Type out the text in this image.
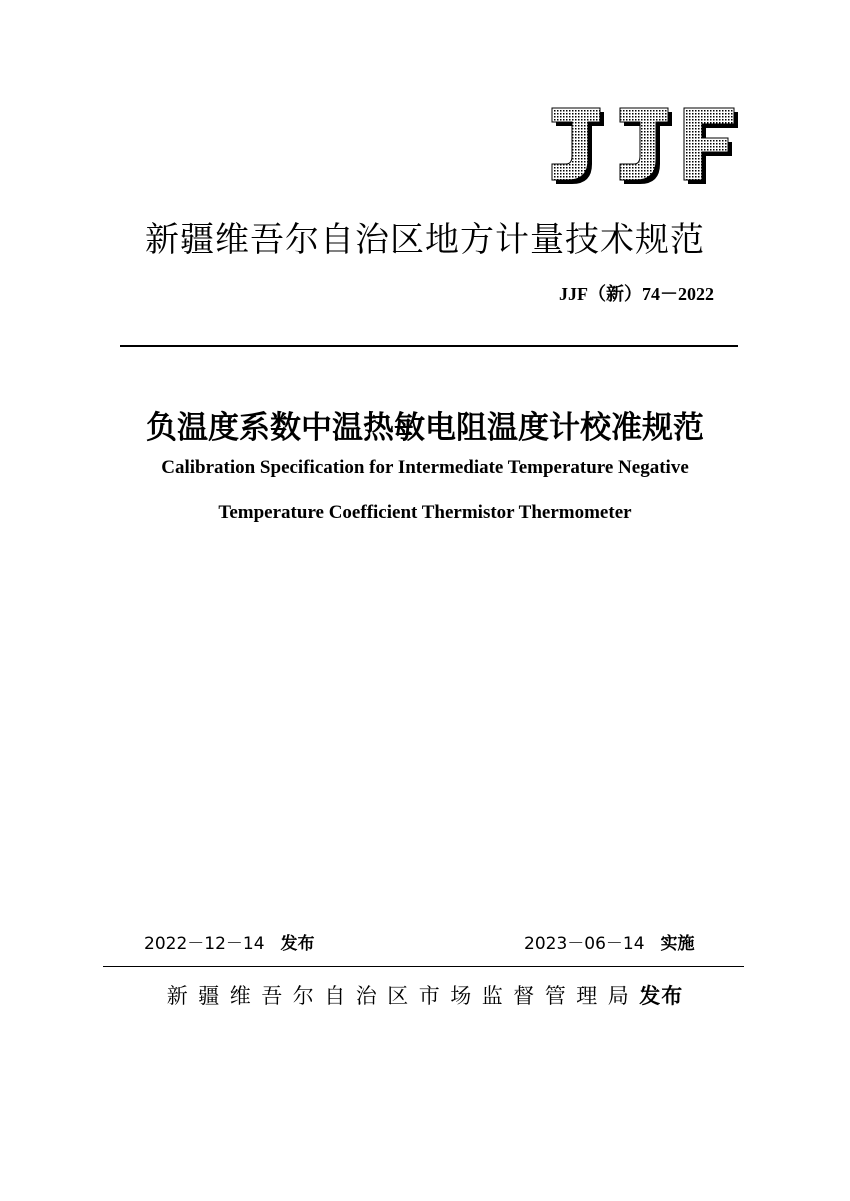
新疆维吾尔自治区地方计量技术规范
JJF（新）74－2022
负温度系数中温热敏电阻温度计校准规范
Calibration Specification for Intermediate Temperature Negative
Temperature Coefficient Thermistor Thermometer
2022－12－14 发布	2023－06－14 实施
新疆维吾尔自治区市场监督管理局发布
